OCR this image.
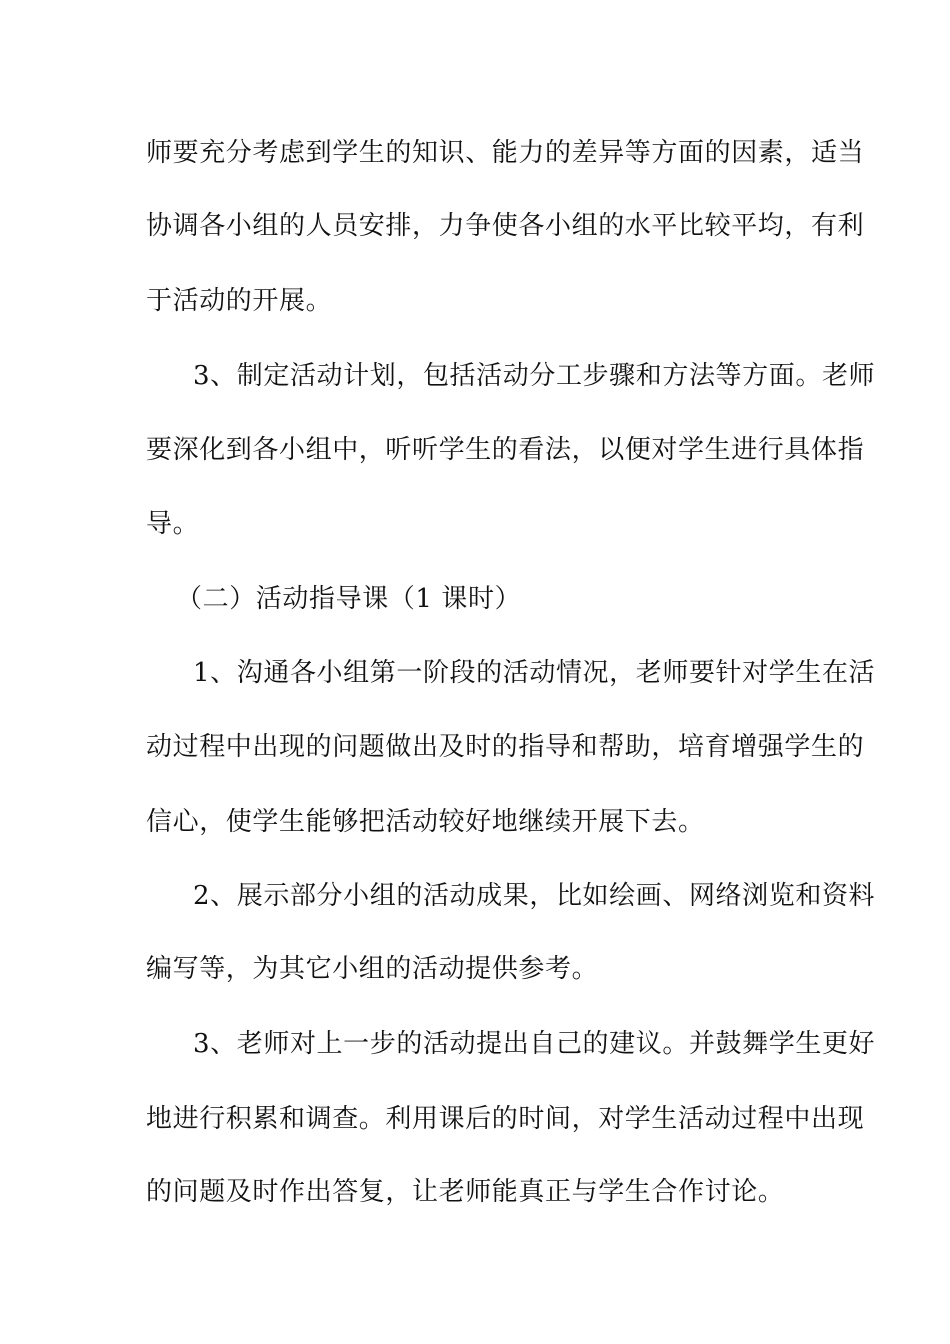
师要充分考虑到学生的知识、能力的差异等方面的因素，适当
协调各小组的人员安排，力争使各小组的水平比较平均，有利
于活动的开展。
3、制定活动计划，包括活动分工步骤和方法等方面。老师
要深化到各小组中，听听学生的看法，以便对学生进行具体指
导。
（二）活动指导课（1 课时）
1、沟通各小组第一阶段的活动情况，老师要针对学生在活
动过程中出现的问题做出及时的指导和帮助，培育增强学生的
信心，使学生能够把活动较好地继续开展下去。
2、展示部分小组的活动成果，比如绘画、网络浏览和资料
编写等，为其它小组的活动提供参考。
3、老师对上一步的活动提出自己的建议。并鼓舞学生更好
地进行积累和调查。利用课后的时间，对学生活动过程中出现
的问题及时作出答复，让老师能真正与学生合作讨论。
